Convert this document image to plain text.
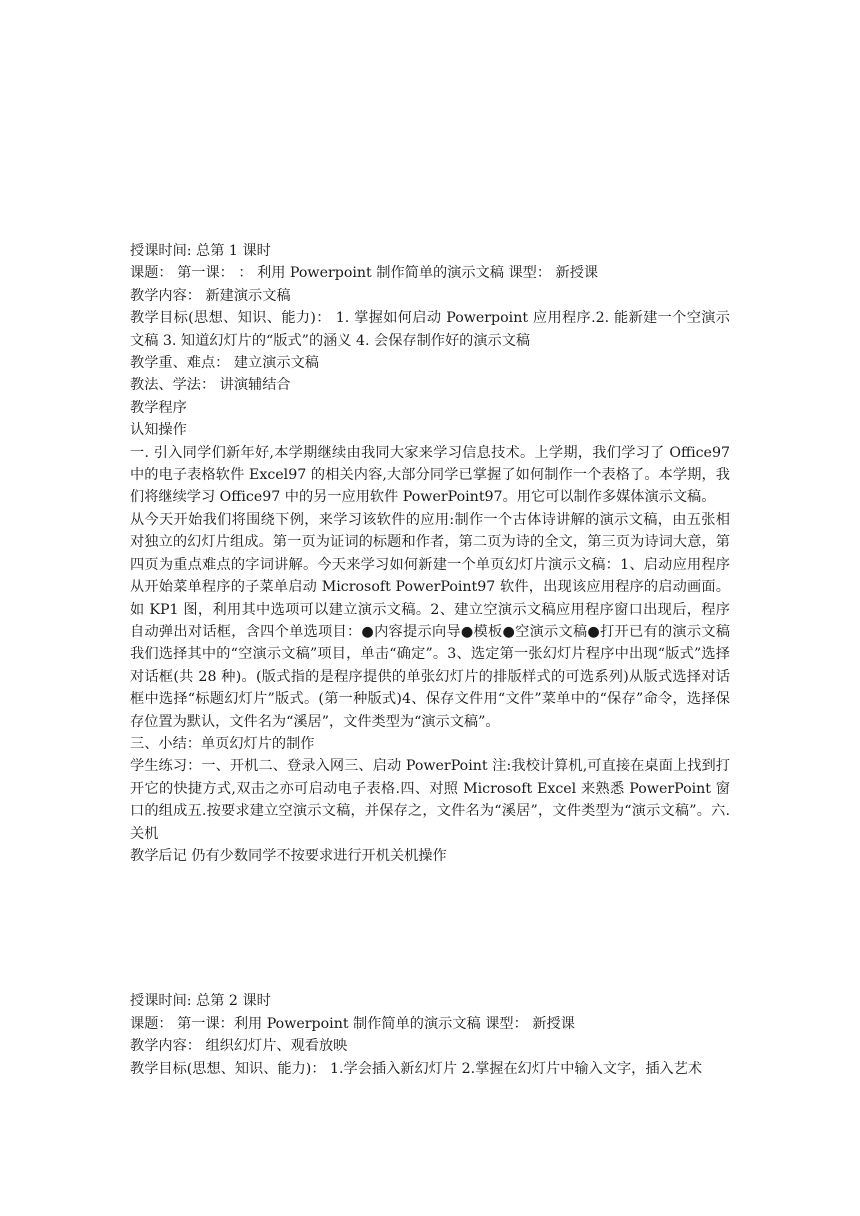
授课时间: 总第 1 课时

课题： 第一课： ： 利用 Powerpoint 制作简单的演示文稿 课型： 新授课

教学内容： 新建演示文稿

教学目标(思想、知识、能力)： 1. 掌握如何启动 Powerpoint 应用程序.2. 能新建一个空演示文稿 3. 知道幻灯片的“版式”的涵义 4. 会保存制作好的演示文稿

教学重、难点： 建立演示文稿

教法、学法： 讲演辅结合

教学程序

认知操作

一. 引入同学们新年好,本学期继续由我同大家来学习信息技术。上学期，我们学习了 Office97 中的电子表格软件 Excel97 的相关内容,大部分同学已掌握了如何制作一个表格了。本学期，我们将继续学习 Office97 中的另一应用软件 PowerPoint97。用它可以制作多媒体演示文稿。

从今天开始我们将围绕下例，来学习该软件的应用:制作一个古体诗讲解的演示文稿，由五张相对独立的幻灯片组成。第一页为证词的标题和作者，第二页为诗的全文，第三页为诗词大意，第四页为重点难点的字词讲解。今天来学习如何新建一个单页幻灯片演示文稿：1、启动应用程序从开始菜单程序的子菜单启动 Microsoft PowerPoint97 软件，出现该应用程序的启动画面。如 KP1 图，利用其中选项可以建立演示文稿。2、建立空演示文稿应用程序窗口出现后，程序自动弹出对话框，含四个单选项目：●内容提示向导●模板●空演示文稿●打开已有的演示文稿我们选择其中的“空演示文稿”项目，单击“确定”。3、选定第一张幻灯片程序中出现“版式”选择对话框(共 28 种)。(版式指的是程序提供的单张幻灯片的排版样式的可选系列)从版式选择对话框中选择“标题幻灯片”版式。(第一种版式)4、保存文件用“文件”菜单中的“保存”命令，选择保存位置为默认，文件名为“溪居”，文件类型为“演示文稿”。

三、小结：单页幻灯片的制作

学生练习：一、开机二、登录入网三、启动 PowerPoint 注:我校计算机,可直接在桌面上找到打开它的快捷方式,双击之亦可启动电子表格.四、对照 Microsoft Excel 来熟悉 PowerPoint 窗口的组成五.按要求建立空演示文稿，并保存之，文件名为“溪居”，文件类型为“演示文稿”。六.关机

教学后记 仍有少数同学不按要求进行开机关机操作

授课时间: 总第 2 课时

课题： 第一课：利用 Powerpoint 制作简单的演示文稿 课型： 新授课

教学内容： 组织幻灯片、观看放映

教学目标(思想、知识、能力)： 1.学会插入新幻灯片 2.掌握在幻灯片中输入文字，插入艺术
